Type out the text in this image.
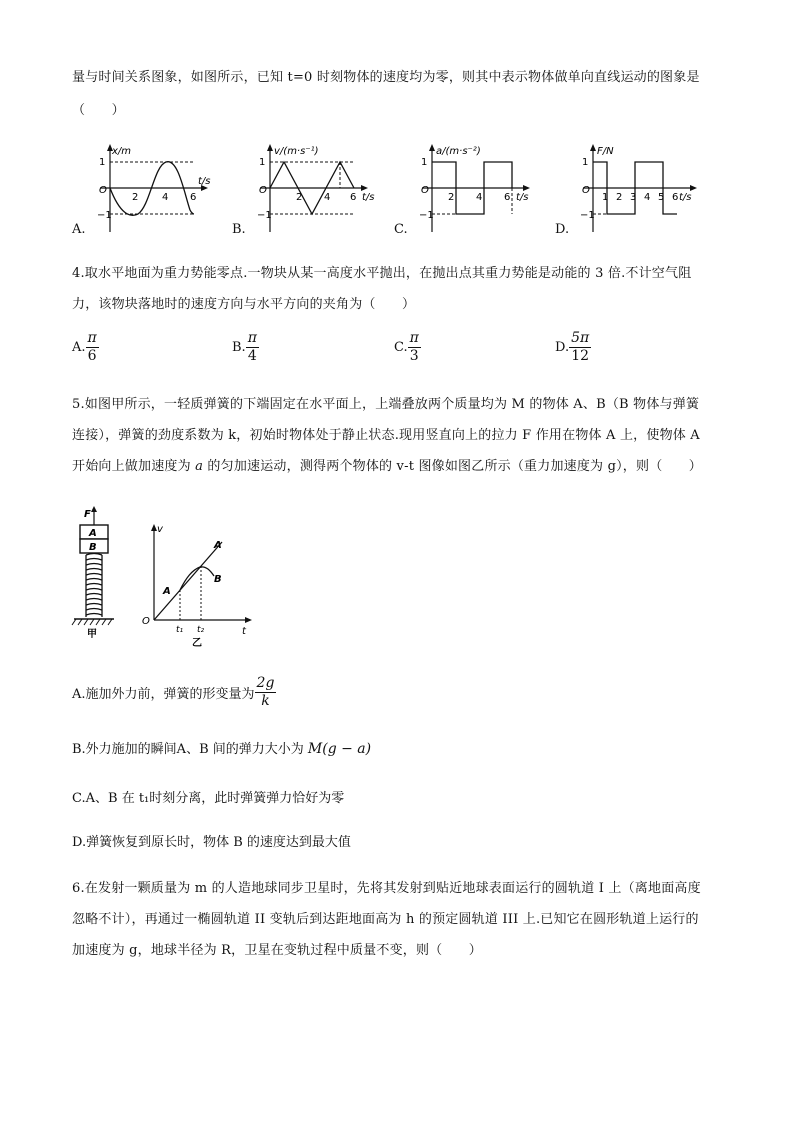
量与时间关系图象，如图所示，已知 t=0 时刻物体的速度均为零，则其中表示物体做单向直线运动的图象是
（　　）
A.
x/m
1
−1
O
2 4 6
t/s
B.
v/(m·s⁻¹)
1
−1
O
2 4 6 t/s
C.
a/(m·s⁻²)
1
−1
O
2 4 6 t/s
D.
F/N
1
−1
O
1 2 3 4 5 6 t/s
4.取水平地面为重力势能零点.一物块从某一高度水平抛出，在抛出点其重力势能是动能的 3 倍.不计空气阻
力，该物块落地时的速度方向与水平方向的夹角为（　　）
A. $\frac{\pi}{6}$	B. $\frac{\pi}{4}$	C. $\frac{\pi}{3}$	D. $\frac{5\pi}{12}$
5.如图甲所示，一轻质弹簧的下端固定在水平面上，上端叠放两个质量均为 M 的物体 A、B（B 物体与弹簧
连接），弹簧的劲度系数为 k，初始时物体处于静止状态.现用竖直向上的拉力 F 作用在物体 A 上，使物体 A
开始向上做加速度为 a 的匀加速运动，测得两个物体的 v-t 图像如图乙所示（重力加速度为 g），则（　　）
F
A
B
甲
v
O
t
A
B
A
t₁ t₂
乙
A.施加外力前，弹簧的形变量为 $\frac{2g}{k}$
B.外力施加的瞬间A、B 间的弹力大小为 M(g − a)
C.A、B 在 t₁时刻分离，此时弹簧弹力恰好为零
D.弹簧恢复到原长时，物体 B 的速度达到最大值
6.在发射一颗质量为 m 的人造地球同步卫星时，先将其发射到贴近地球表面运行的圆轨道 I 上（离地面高度
忽略不计），再通过一椭圆轨道 II 变轨后到达距地面高为 h 的预定圆轨道 III 上.已知它在圆形轨道上运行的
加速度为 g，地球半径为 R，卫星在变轨过程中质量不变，则（　　）
